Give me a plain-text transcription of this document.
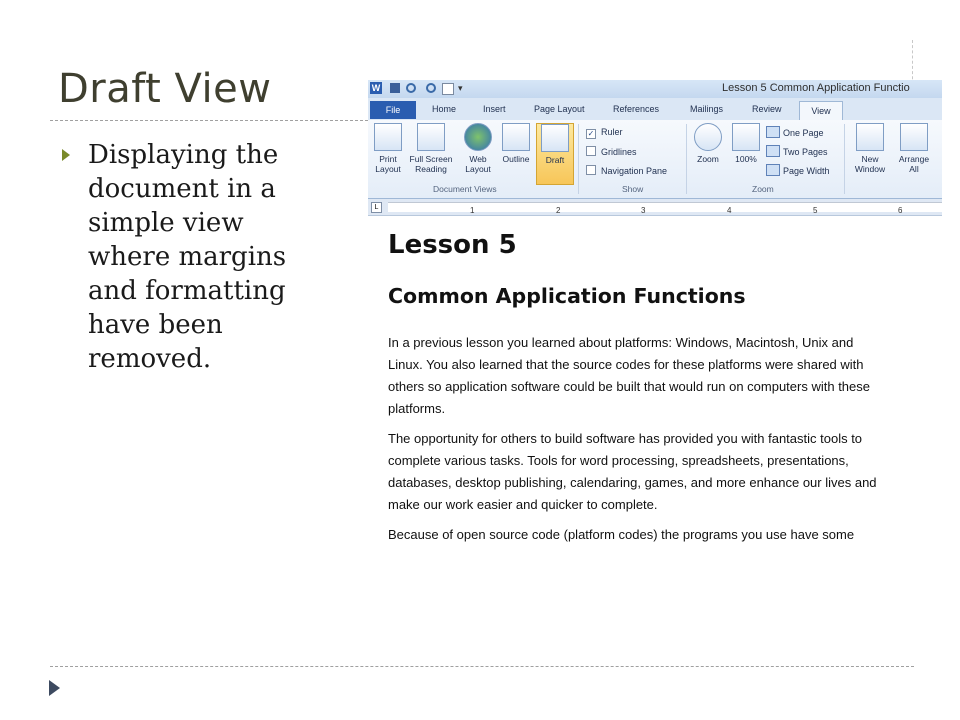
Draft View
Displaying the
document in a
simple view
where margins
and formatting
have been
removed.
W	▾	Lesson 5 Common Application Functio
File	Home	Insert	Page Layout	References	Mailings	Review	View
Print
Layout
Full Screen
Reading
Web
Layout
Outline	Draft
Document Views
✓ Ruler
Gridlines
Navigation Pane
Show
Zoom	100%
One Page
Two Pages
Page Width
Zoom
New
Window
Arrange
All
L	1	2	3	4	5	6
Lesson 5
Common Application Functions
In a previous lesson you learned about platforms: Windows, Macintosh, Unix and
Linux. You also learned that the source codes for these platforms were shared with
others so application software could be built that would run on computers with these
platforms.
The opportunity for others to build software has provided you with fantastic tools to
complete various tasks. Tools for word processing, spreadsheets, presentations,
databases, desktop publishing, calendaring, games, and more enhance our lives and
make our work easier and quicker to complete.
Because of open source code (platform codes) the programs you use have some
